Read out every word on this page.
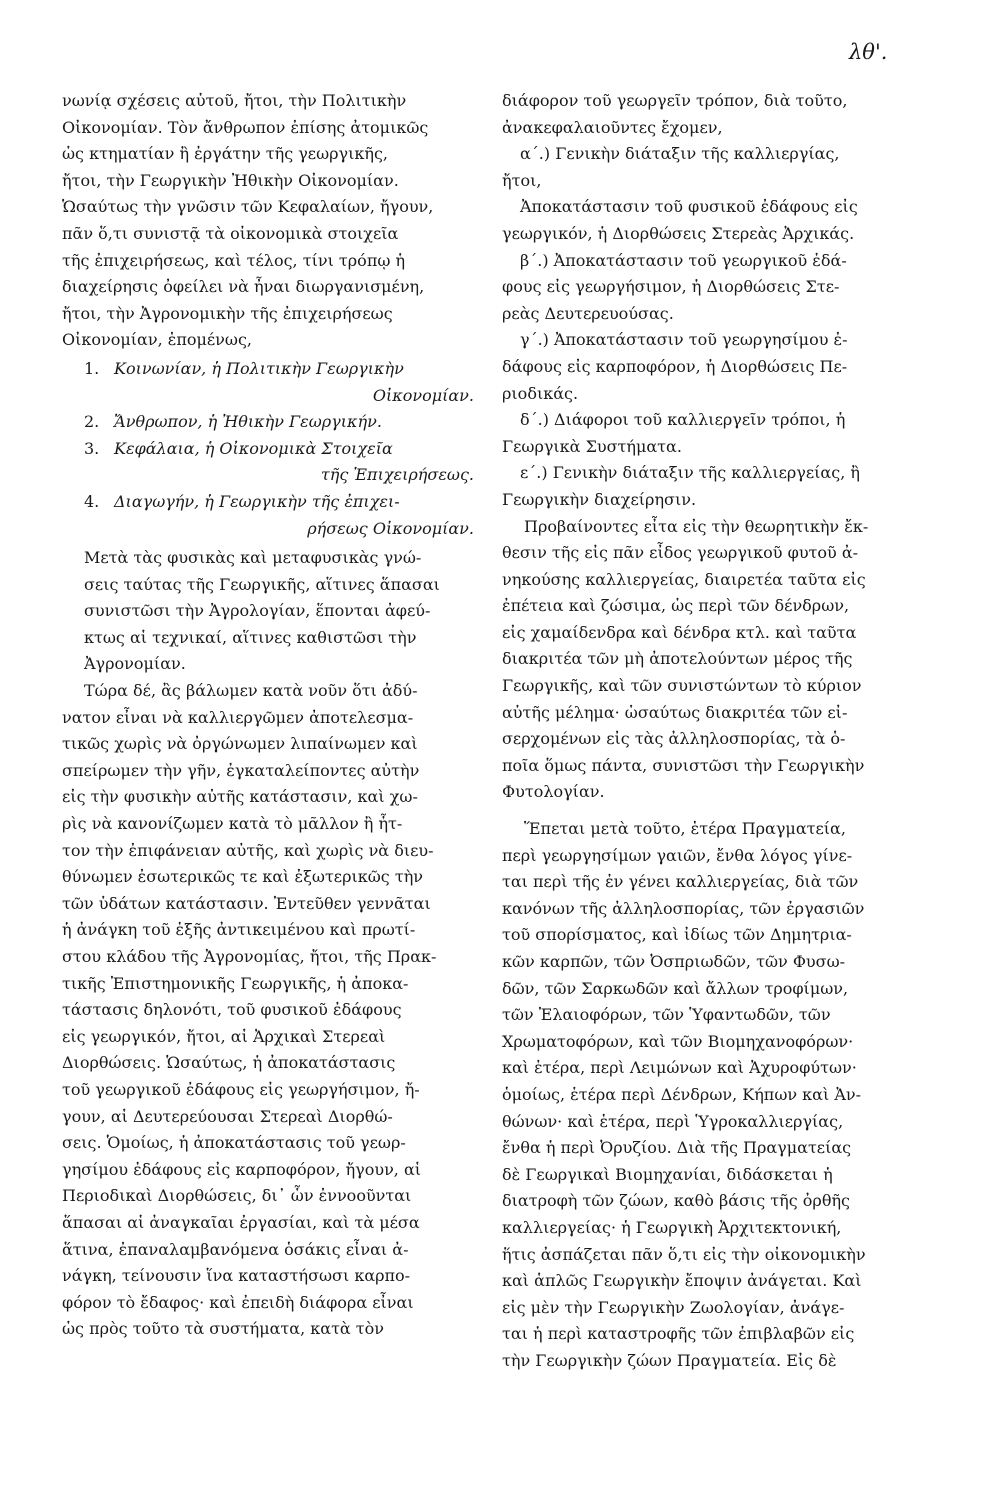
λθ'.

νωνίᾳ σχέσεις αὐτοῦ, ἤτοι, τὴν Πολιτικὴν
Οἰκονομίαν. Τὸν ἄνθρωπον ἐπίσης ἀτομικῶς
ὡς κτηματίαν ἢ ἐργάτην τῆς γεωργικῆς,
ἤτοι, τὴν Γεωργικὴν Ἠθικὴν Οἰκονομίαν.
Ὡσαύτως τὴν γνῶσιν τῶν Κεφαλαίων, ἤγουν,
πᾶν ὅ,τι συνιστᾷ τὰ οἰκονομικὰ στοιχεῖα
τῆς ἐπιχειρήσεως, καὶ τέλος, τίνι τρόπῳ ἡ
διαχείρησις ὀφείλει νὰ ἦναι διωργανισμένη,
ἤτοι, τὴν Ἀγρονομικὴν τῆς ἐπιχειρήσεως
Οἰκονομίαν, ἑπομένως,

1. Κοινωνίαν, ἡ Πολιτικὴν Γεωργικὴν
Οἰκονομίαν.
2. Ἄνθρωπον, ἡ Ἠθικὴν Γεωργικήν.
3. Κεφάλαια, ἡ Οἰκονομικὰ Στοιχεῖα
τῆς Ἐπιχειρήσεως.
4. Διαγωγήν, ἡ Γεωργικὴν τῆς ἐπιχει-
ρήσεως Οἰκονομίαν.

Μετὰ τὰς φυσικὰς καὶ μεταφυσικὰς γνώ-
σεις ταύτας τῆς Γεωργικῆς, αἵτινες ἅπασαι
συνιστῶσι τὴν Ἀγρολογίαν, ἕπονται ἀφεύ-
κτως αἱ τεχνικαί, αἵτινες καθιστῶσι τὴν
Ἀγρονομίαν.

Τώρα δέ, ἂς βάλωμεν κατὰ νοῦν ὅτι ἀδύ-
νατον εἶναι νὰ καλλιεργῶμεν ἀποτελεσμα-
τικῶς χωρὶς νὰ ὀργώνωμεν λιπαίνωμεν καὶ
σπείρωμεν τὴν γῆν, ἐγκαταλείποντες αὐτὴν
εἰς τὴν φυσικὴν αὐτῆς κατάστασιν, καὶ χω-
ρὶς νὰ κανονίζωμεν κατὰ τὸ μᾶλλον ἢ ἧτ-
τον τὴν ἐπιφάνειαν αὐτῆς, καὶ χωρὶς νὰ διευ-
θύνωμεν ἐσωτερικῶς τε καὶ ἐξωτερικῶς τὴν
τῶν ὑδάτων κατάστασιν. Ἐντεῦθεν γεννᾶται
ἡ ἀνάγκη τοῦ ἑξῆς ἀντικειμένου καὶ πρωτί-
στου κλάδου τῆς Ἀγρονομίας, ἤτοι, τῆς Πρακ-
τικῆς Ἐπιστημονικῆς Γεωργικῆς, ἡ ἀποκα-
τάστασις δηλονότι, τοῦ φυσικοῦ ἐδάφους
εἰς γεωργικόν, ἤτοι, αἱ Ἀρχικαὶ Στερεαὶ
Διορθώσεις. Ὡσαύτως, ἡ ἀποκατάστασις
τοῦ γεωργικοῦ ἐδάφους εἰς γεωργήσιμον, ἤ-
γουν, αἱ Δευτερεύουσαι Στερεαὶ Διορθώ-
σεις. Ὁμοίως, ἡ ἀποκατάστασις τοῦ γεωρ-
γησίμου ἐδάφους εἰς καρποφόρον, ἤγουν, αἱ
Περιοδικαὶ Διορθώσεις, δι᾽ ὧν ἐννοοῦνται
ἅπασαι αἱ ἀναγκαῖαι ἐργασίαι, καὶ τὰ μέσα
ἅτινα, ἐπαναλαμβανόμενα ὁσάκις εἶναι ἀ-
νάγκη, τείνουσιν ἵνα καταστήσωσι καρπο-
φόρον τὸ ἔδαφος· καὶ ἐπειδὴ διάφορα εἶναι
ὡς πρὸς τοῦτο τὰ συστήματα, κατὰ τὸν

διάφορον τοῦ γεωργεῖν τρόπον, διὰ τοῦτο,
ἀνακεφαλαιοῦντες ἔχομεν,

α΄.) Γενικὴν διάταξιν τῆς καλλιεργίας,
ἤτοι,
Ἀποκατάστασιν τοῦ φυσικοῦ ἐδάφους εἰς
γεωργικόν, ἡ Διορθώσεις Στερεὰς Ἀρχικάς.
β΄.) Ἀποκατάστασιν τοῦ γεωργικοῦ ἐδά-
φους εἰς γεωργήσιμον, ἡ Διορθώσεις Στε-
ρεὰς Δευτερευούσας.
γ΄.) Ἀποκατάστασιν τοῦ γεωργησίμου ἐ-
δάφους εἰς καρποφόρον, ἡ Διορθώσεις Πε-
ριοδικάς.
δ΄.) Διάφοροι τοῦ καλλιεργεῖν τρόποι, ἡ
Γεωργικὰ Συστήματα.
ε΄.) Γενικὴν διάταξιν τῆς καλλιεργείας, ἢ
Γεωργικὴν διαχείρησιν.

Προβαίνοντες εἶτα εἰς τὴν θεωρητικὴν ἔκ-
θεσιν τῆς εἰς πᾶν εἶδος γεωργικοῦ φυτοῦ ἀ-
νηκούσης καλλιεργείας, διαιρετέα ταῦτα εἰς
ἐπέτεια καὶ ζώσιμα, ὡς περὶ τῶν δένδρων,
εἰς χαμαίδενδρα καὶ δένδρα κτλ. καὶ ταῦτα
διακριτέα τῶν μὴ ἀποτελούντων μέρος τῆς
Γεωργικῆς, καὶ τῶν συνιστώντων τὸ κύριον
αὐτῆς μέλημα· ὡσαύτως διακριτέα τῶν εἰ-
σερχομένων εἰς τὰς ἀλληλοσπορίας, τὰ ὁ-
ποῖα ὅμως πάντα, συνιστῶσι τὴν Γεωργικὴν
Φυτολογίαν.

Ἕπεται μετὰ τοῦτο, ἑτέρα Πραγματεία,
περὶ γεωργησίμων γαιῶν, ἔνθα λόγος γίνε-
ται περὶ τῆς ἐν γένει καλλιεργείας, διὰ τῶν
κανόνων τῆς ἀλληλοσπορίας, τῶν ἐργασιῶν
τοῦ σπορίσματος, καὶ ἰδίως τῶν Δημητρια-
κῶν καρπῶν, τῶν Ὀσπριωδῶν, τῶν Φυσω-
δῶν, τῶν Σαρκωδῶν καὶ ἄλλων τροφίμων,
τῶν Ἐλαιοφόρων, τῶν Ὑφαντωδῶν, τῶν
Χρωματοφόρων, καὶ τῶν Βιομηχανοφόρων·
καὶ ἑτέρα, περὶ Λειμώνων καὶ Ἀχυροφύτων·
ὁμοίως, ἑτέρα περὶ Δένδρων, Κήπων καὶ Ἀν-
θώνων· καὶ ἑτέρα, περὶ Ὑγροκαλλιεργίας,
ἔνθα ἡ περὶ Ὀρυζίου. Διὰ τῆς Πραγματείας
δὲ Γεωργικαὶ Βιομηχανίαι, διδάσκεται ἡ
διατροφὴ τῶν ζώων, καθὸ βάσις τῆς ὀρθῆς
καλλιεργείας· ἡ Γεωργικὴ Ἀρχιτεκτονική,
ἥτις ἀσπάζεται πᾶν ὅ,τι εἰς τὴν οἰκονομικὴν
καὶ ἁπλῶς Γεωργικὴν ἔποψιν ἀνάγεται. Καὶ
εἰς μὲν τὴν Γεωργικὴν Ζωολογίαν, ἀνάγε-
ται ἡ περὶ καταστροφῆς τῶν ἐπιβλαβῶν εἰς
τὴν Γεωργικὴν ζώων Πραγματεία. Εἰς δὲ
